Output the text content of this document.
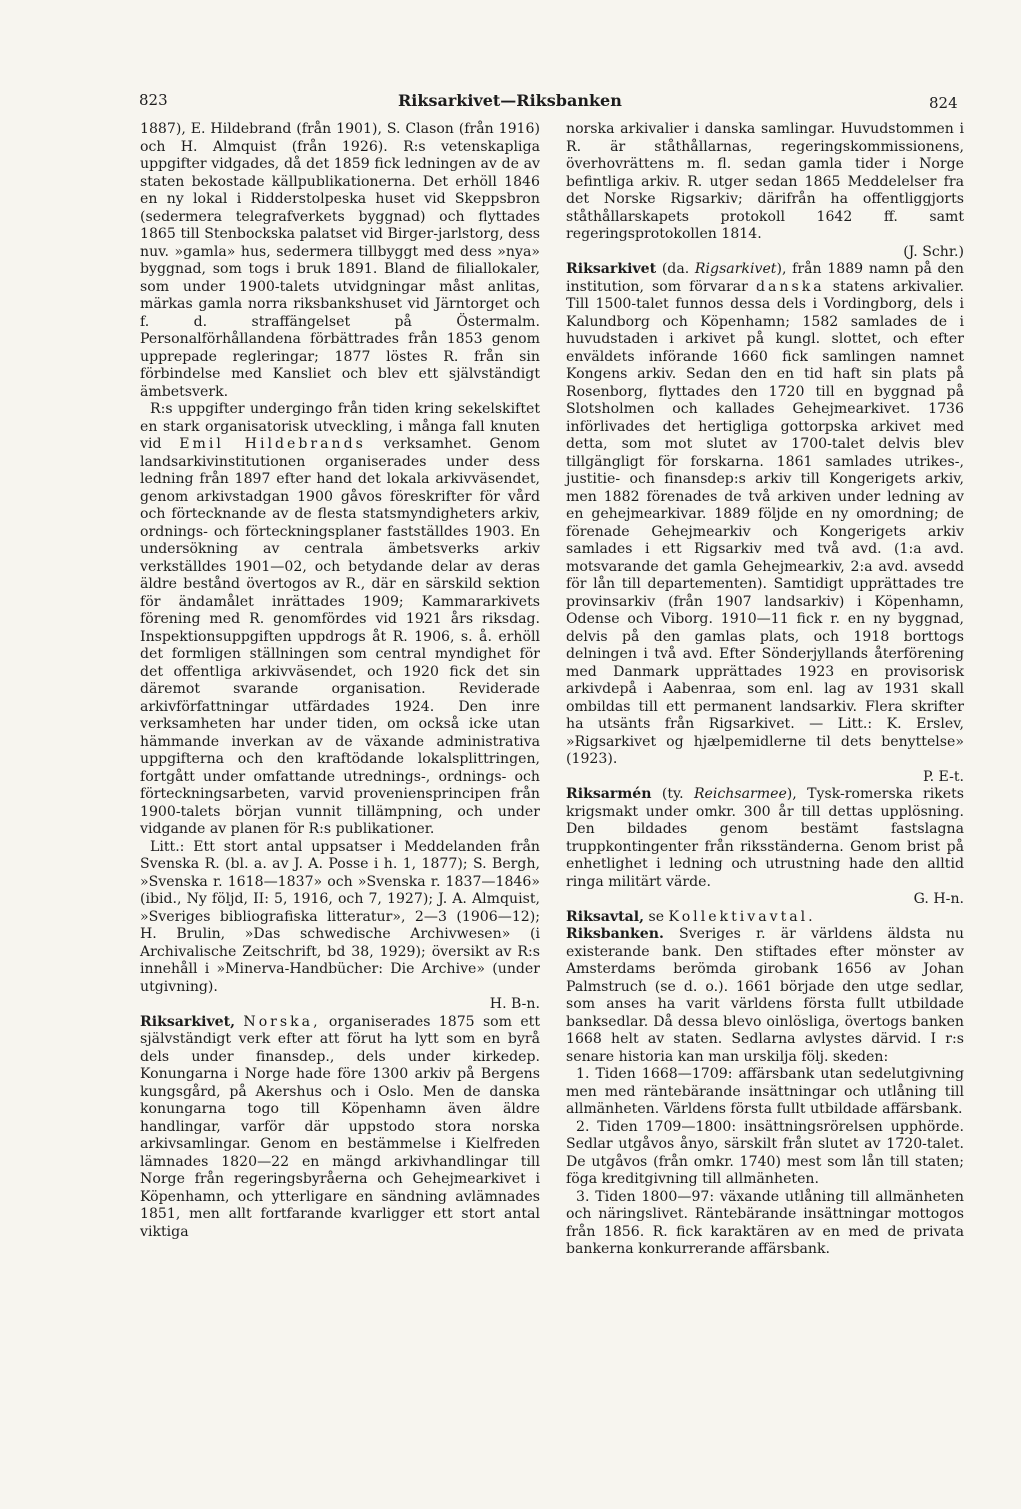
823	Riksarkivet—Riksbanken	824

1887), E. Hildebrand (från 1901), S. Clason (från 1916) och H. Almquist (från 1926). R:s vetenskapliga uppgifter vidgades, då det 1859 fick ledningen av de av staten bekostade källpublikationerna. Det erhöll 1846 en ny lokal i Ridderstolpeska huset vid Skeppsbron (sedermera telegrafverkets byggnad) och flyttades 1865 till Stenbockska palatset vid Birger-jarlstorg, dess nuv. »gamla» hus, sedermera tillbyggt med dess »nya» byggnad, som togs i bruk 1891. Bland de filiallokaler, som under 1900-talets utvidgningar måst anlitas, märkas gamla norra riksbankshuset vid Järntorget och f. d. straffängelset på Östermalm. Personalförhållandena förbättrades från 1853 genom upprepade regleringar; 1877 löstes R. från sin förbindelse med Kansliet och blev ett självständigt ämbetsverk.

R:s uppgifter undergingo från tiden kring sekelskiftet en stark organisatorisk utveckling, i många fall knuten vid Emil Hildebrands verksamhet. Genom landsarkivinstitutionen organiserades under dess ledning från 1897 efter hand det lokala arkivväsendet, genom arkivstadgan 1900 gåvos föreskrifter för vård och förtecknande av de flesta statsmyndigheters arkiv, ordnings- och förteckningsplaner fastställdes 1903. En undersökning av centrala ämbetsverks arkiv verkställdes 1901—02, och betydande delar av deras äldre bestånd övertogos av R., där en särskild sektion för ändamålet inrättades 1909; Kammararkivets förening med R. genomfördes vid 1921 års riksdag. Inspektionsuppgiften uppdrogs åt R. 1906, s. å. erhöll det formligen ställningen som central myndighet för det offentliga arkivväsendet, och 1920 fick det sin däremot svarande organisation. Reviderade arkivförfattningar utfärdades 1924. Den inre verksamheten har under tiden, om också icke utan hämmande inverkan av de växande administrativa uppgifterna och den kraftödande lokalsplittringen, fortgått under omfattande utrednings-, ordnings- och förteckningsarbeten, varvid proveniensprincipen från 1900-talets början vunnit tillämpning, och under vidgande av planen för R:s publikationer.

Litt.: Ett stort antal uppsatser i Meddelanden från Svenska R. (bl. a. av J. A. Posse i h. 1, 1877); S. Bergh, »Svenska r. 1618—1837» och »Svenska r. 1837—1846» (ibid., Ny följd, II: 5, 1916, och 7, 1927); J. A. Almquist, »Sveriges bibliografiska litteratur», 2—3 (1906—12); H. Brulin, »Das schwedische Archivwesen» (i Archivalische Zeitschrift, bd 38, 1929); översikt av R:s innehåll i »Minerva-Handbücher: Die Archive» (under utgivning).
H. B-n.

Riksarkivet, Norska, organiserades 1875 som ett självständigt verk efter att förut ha lytt som en byrå dels under finansdep., dels under kirkedep. Konungarna i Norge hade före 1300 arkiv på Bergens kungsgård, på Akershus och i Oslo. Men de danska konungarna togo till Köpenhamn även äldre handlingar, varför där uppstodo stora norska arkivsamlingar. Genom en bestämmelse i Kielfreden lämnades 1820—22 en mängd arkivhandlingar till Norge från regeringsbyråerna och Gehejmearkivet i Köpenhamn, och ytterligare en sändning avlämnades 1851, men allt fortfarande kvarligger ett stort antal viktiga

norska arkivalier i danska samlingar. Huvudstommen i R. är ståthållarnas, regeringskommissionens, överhovrättens m. fl. sedan gamla tider i Norge befintliga arkiv. R. utger sedan 1865 Meddelelser fra det Norske Rigsarkiv; därifrån ha offentliggjorts ståthållarskapets protokoll 1642 ff. samt regeringsprotokollen 1814.
(J. Schr.)

Riksarkivet (da. Rigsarkivet), från 1889 namn på den institution, som förvarar danska statens arkivalier. Till 1500-talet funnos dessa dels i Vordingborg, dels i Kalundborg och Köpenhamn; 1582 samlades de i huvudstaden i arkivet på kungl. slottet, och efter enväldets införande 1660 fick samlingen namnet Kongens arkiv. Sedan den en tid haft sin plats på Rosenborg, flyttades den 1720 till en byggnad på Slotsholmen och kallades Gehejmearkivet. 1736 införlivades det hertigliga gottorpska arkivet med detta, som mot slutet av 1700-talet delvis blev tillgängligt för forskarna. 1861 samlades utrikes-, justitie- och finansdep:s arkiv till Kongerigets arkiv, men 1882 förenades de två arkiven under ledning av en gehejmearkivar. 1889 följde en ny omordning; de förenade Gehejmearkiv och Kongerigets arkiv samlades i ett Rigsarkiv med två avd. (1:a avd. motsvarande det gamla Gehejmearkiv, 2:a avd. avsedd för lån till departementen). Samtidigt upprättades tre provinsarkiv (från 1907 landsarkiv) i Köpenhamn, Odense och Viborg. 1910—11 fick r. en ny byggnad, delvis på den gamlas plats, och 1918 borttogs delningen i två avd. Efter Sönderjyllands återförening med Danmark upprättades 1923 en provisorisk arkivdepå i Aabenraa, som enl. lag av 1931 skall ombildas till ett permanent landsarkiv. Flera skrifter ha utsänts från Rigsarkivet. — Litt.: K. Erslev, »Rigsarkivet og hjælpemidlerne til dets benyttelse» (1923).
P. E-t.

Riksarmén (ty. Reichsarmee), Tysk-romerska rikets krigsmakt under omkr. 300 år till dettas upplösning. Den bildades genom bestämt fastslagna truppkontingenter från riksständerna. Genom brist på enhetlighet i ledning och utrustning hade den alltid ringa militärt värde.
G. H-n.

Riksavtal, se Kollektivavtal.

Riksbanken. Sveriges r. är världens äldsta nu existerande bank. Den stiftades efter mönster av Amsterdams berömda girobank 1656 av Johan Palmstruch (se d. o.). 1661 började den utge sedlar, som anses ha varit världens första fullt utbildade banksedlar. Då dessa blevo oinlösliga, övertogs banken 1668 helt av staten. Sedlarna avlystes därvid. I r:s senare historia kan man urskilja följ. skeden:

1. Tiden 1668—1709: affärsbank utan sedelutgivning men med räntebärande insättningar och utlåning till allmänheten. Världens första fullt utbildade affärsbank.

2. Tiden 1709—1800: insättningsrörelsen upphörde. Sedlar utgåvos ånyo, särskilt från slutet av 1720-talet. De utgåvos (från omkr. 1740) mest som lån till staten; föga kreditgivning till allmänheten.

3. Tiden 1800—97: växande utlåning till allmänheten och näringslivet. Räntebärande insättningar mottogos från 1856. R. fick karaktären av en med de privata bankerna konkurrerande affärsbank.
